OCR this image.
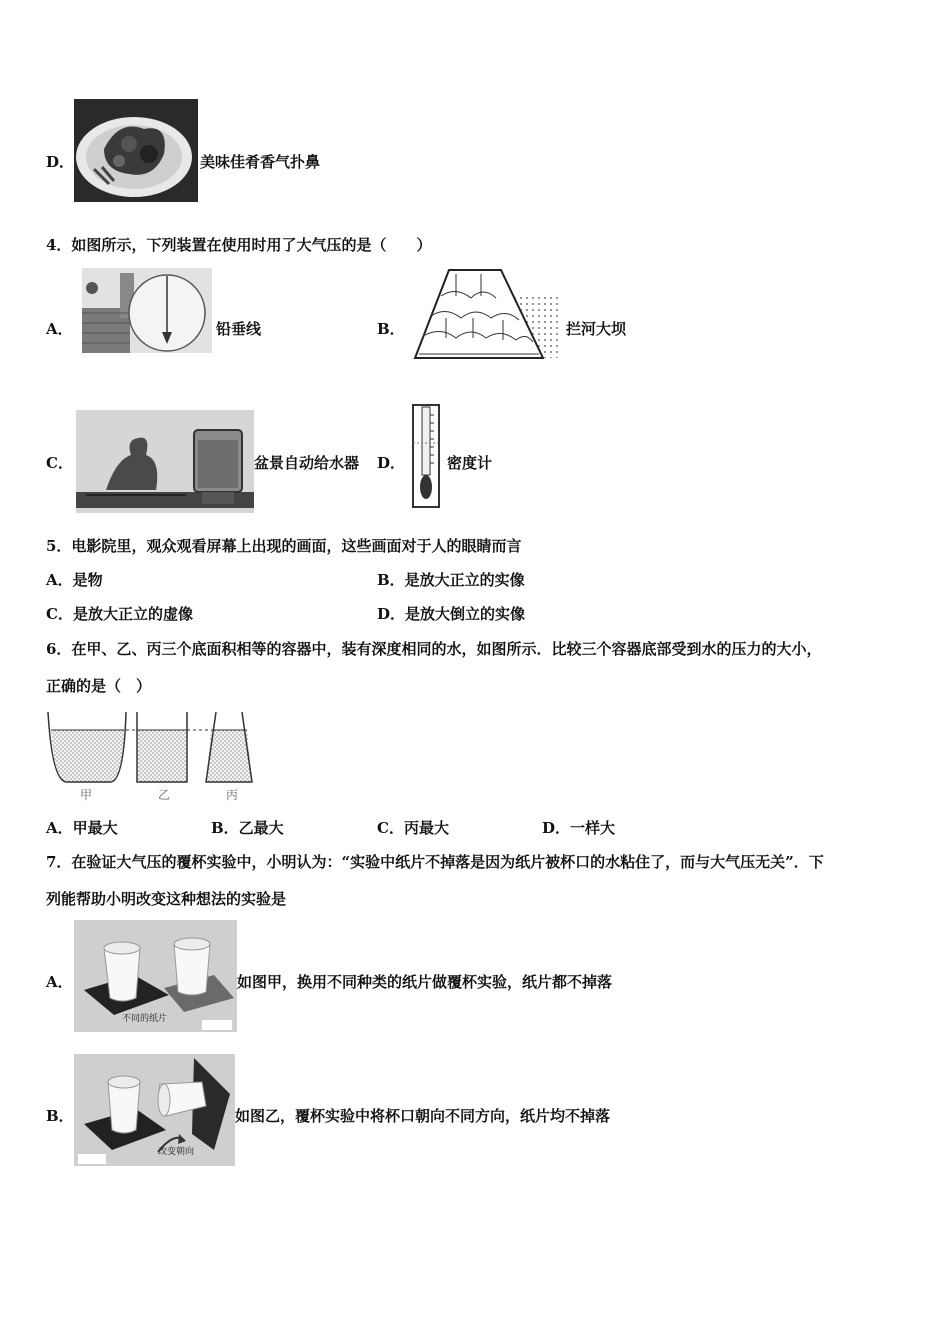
D．	美味佳肴香气扑鼻
4．如图所示，下列装置在使用时用了大气压的是（　　）
A．	铅垂线	B．	拦河大坝
C．	盆景自动给水器 D．	密度计
5．电影院里，观众观看屏幕上出现的画面，这些画面对于人的眼睛而言
A．是物	B．是放大正立的实像
C．是放大正立的虚像	D．是放大倒立的实像
6．在甲、乙、丙三个底面积相等的容器中，装有深度相同的水，如图所示．比较三个容器底部受到水的压力的大小，
正确的是（　）
甲	乙	丙
A．甲最大	B．乙最大	C．丙最大	D．一样大
7．在验证大气压的覆杯实验中，小明认为：“实验中纸片不掉落是因为纸片被杯口的水粘住了，而与大气压无关”．下
列能帮助小明改变这种想法的实验是
A．
不同的纸片
如图甲，换用不同种类的纸片做覆杯实验，纸片都不掉落
B．
改变朝向
如图乙，覆杯实验中将杯口朝向不同方向，纸片均不掉落
